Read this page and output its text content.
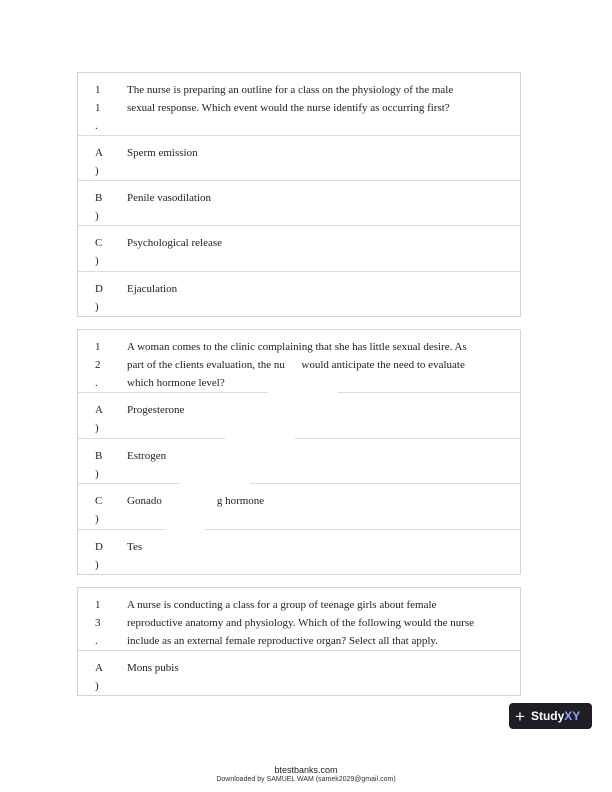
1
1
.
The nurse is preparing an outline for a class on the physiology of the male
sexual response. Which event would the nurse identify as occurring first?
A
)
Sperm emission
B
)
Penile vasodilation
C
)
Psychological release
D
)
Ejaculation
1
2
.
A woman comes to the clinic complaining that she has little sexual desire. As
part of the clients evaluation, the nu      would anticipate the need to evaluate
which hormone level?
A
)
Progesterone
B
)
Estrogen
C
)
Gonado                    g hormone
D
)
Tes
1
3
.
A nurse is conducting a class for a group of teenage girls about female
reproductive anatomy and physiology. Which of the following would the nurse
include as an external female reproductive organ? Select all that apply.
A
)
Mons pubis
+ Study XY
btestbanks.com
Downloaded by SAMUEL WAM (samek2029@gmail.com)
